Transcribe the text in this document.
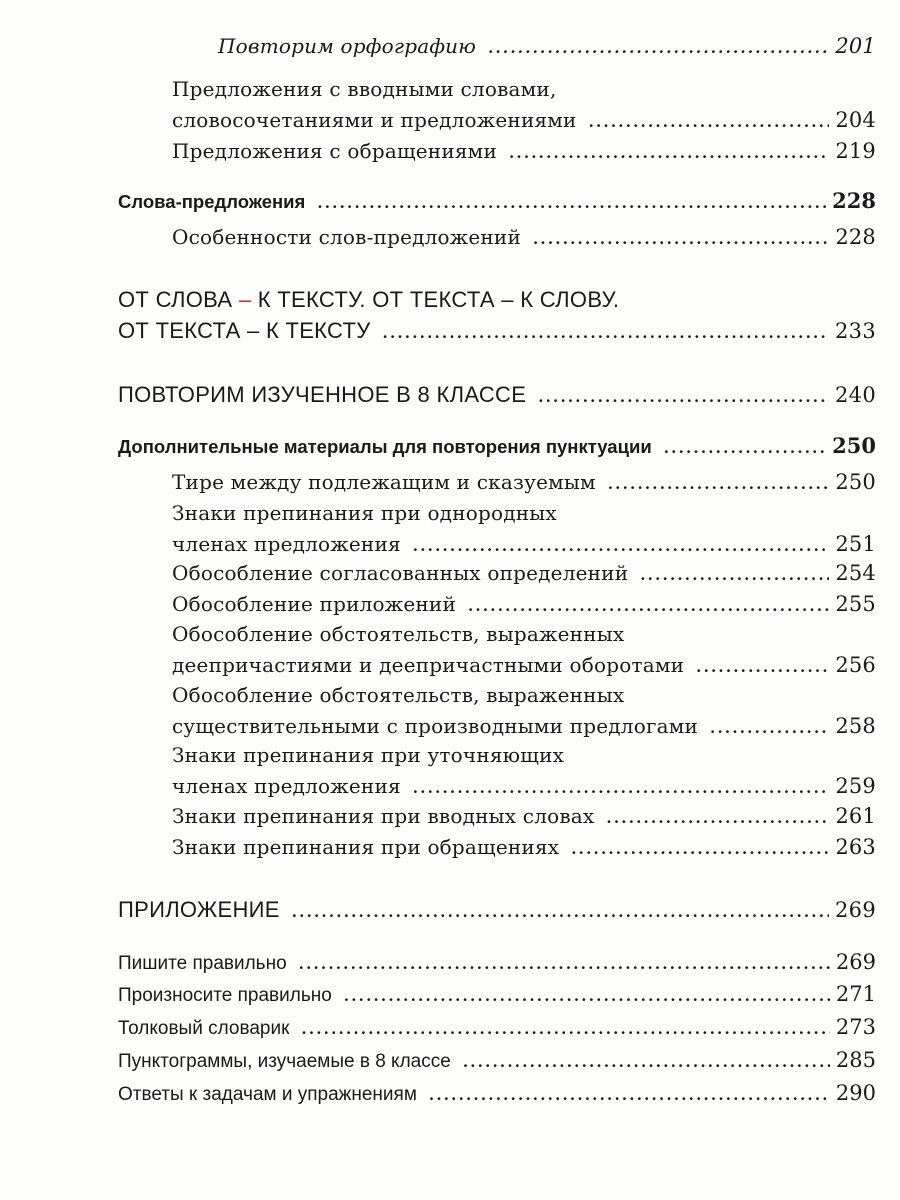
Повторим орфографию .....	201
Предложения с вводными словами,
словосочетаниями и предложениями .....	204
Предложения с обращениями .....	219
Слова-предложения .....	228
Особенности слов-предложений .....	228
ОТ СЛОВА – К ТЕКСТУ. ОТ ТЕКСТА – К СЛОВУ.
ОТ ТЕКСТА – К ТЕКСТУ .....	233
ПОВТОРИМ ИЗУЧЕННОЕ В 8 КЛАССЕ .....	240
Дополнительные материалы для повторения пунктуации .....	250
Тире между подлежащим и сказуемым .....	250
Знаки препинания при однородных
членах предложения .....	251
Обособление согласованных определений .....	254
Обособление приложений .....	255
Обособление обстоятельств, выраженных
деепричастиями и деепричастными оборотами .....	256
Обособление обстоятельств, выраженных
существительными с производными предлогами .....	258
Знаки препинания при уточняющих
членах предложения .....	259
Знаки препинания при вводных словах .....	261
Знаки препинания при обращениях .....	263
ПРИЛОЖЕНИЕ .....	269
Пишите правильно .....	269
Произносите правильно .....	271
Толковый словарик .....	273
Пунктограммы, изучаемые в 8 классе .....	285
Ответы к задачам и упражнениям .....	290
